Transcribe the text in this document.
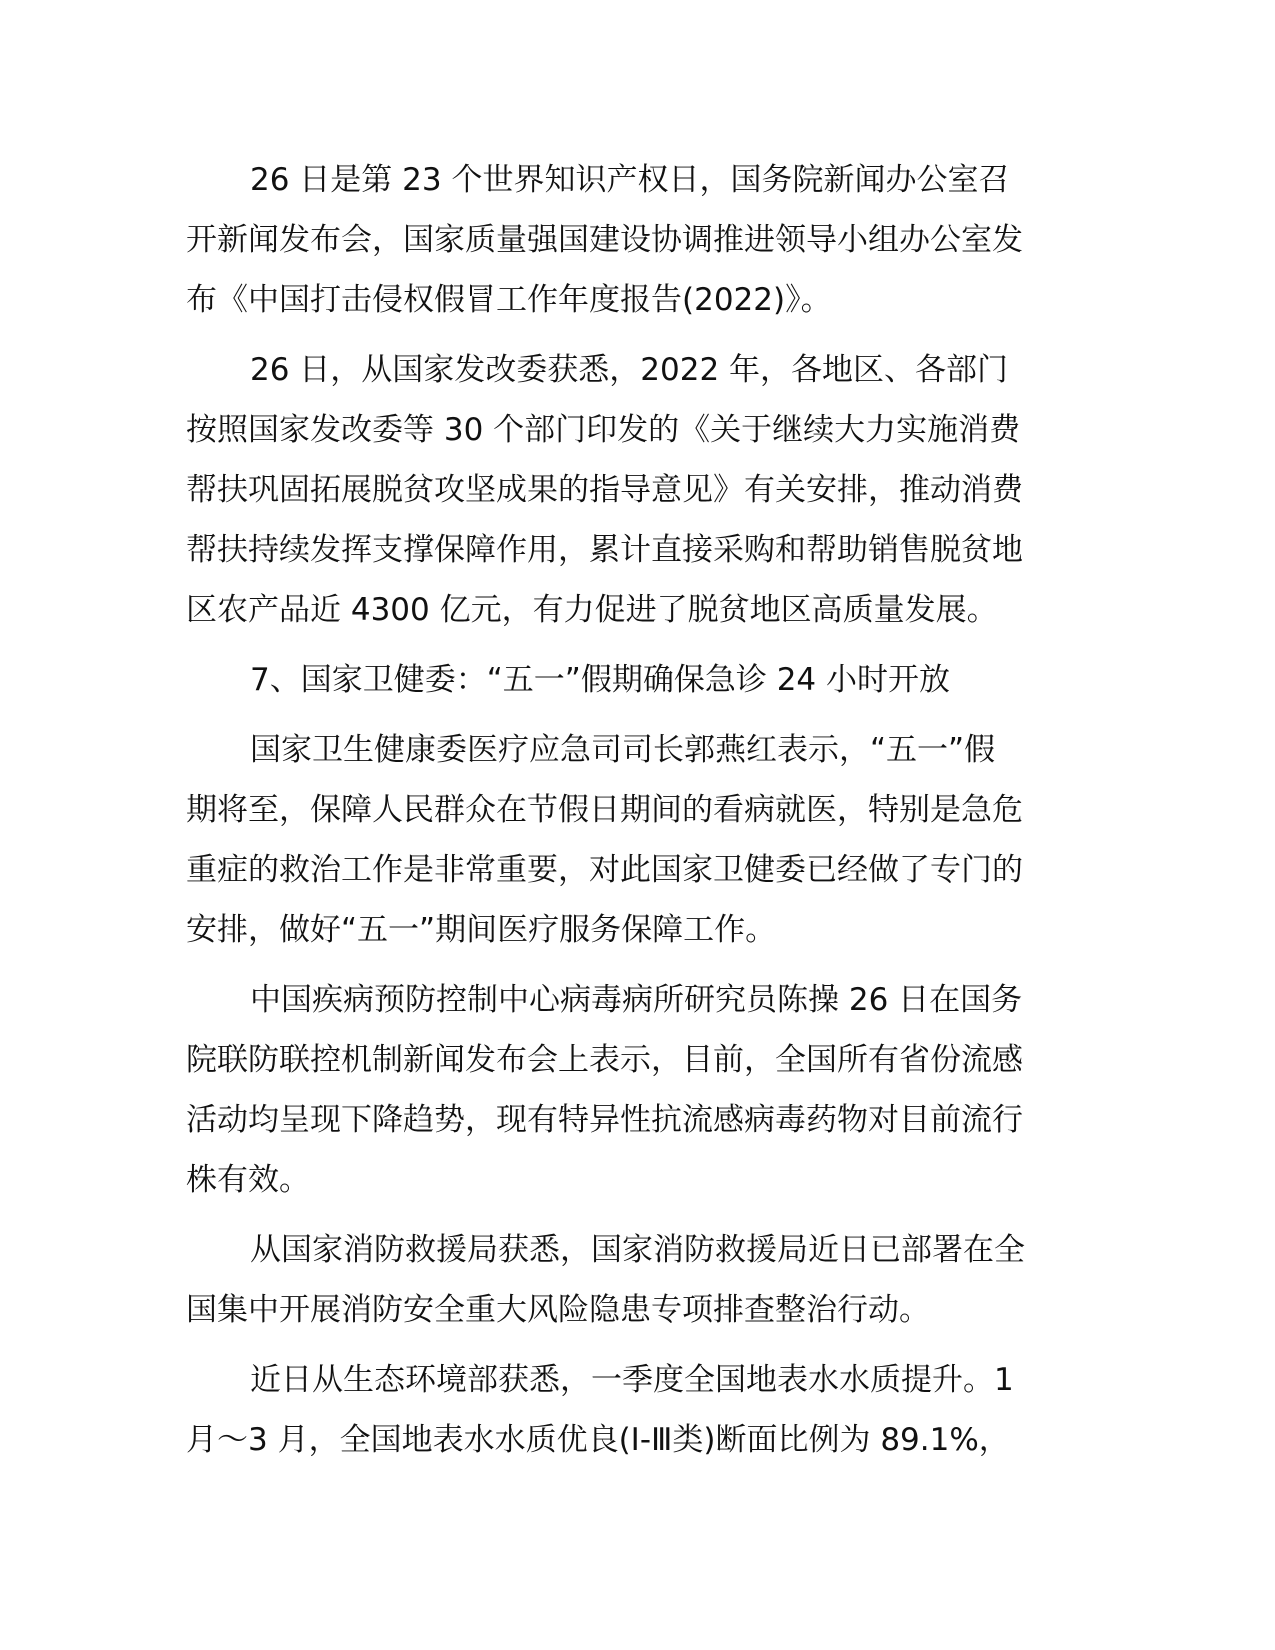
26 日是第 23 个世界知识产权日，国务院新闻办公室召
开新闻发布会，国家质量强国建设协调推进领导小组办公室发
布《中国打击侵权假冒工作年度报告(2022)》。

26 日，从国家发改委获悉，2022 年，各地区、各部门
按照国家发改委等 30 个部门印发的《关于继续大力实施消费
帮扶巩固拓展脱贫攻坚成果的指导意见》有关安排，推动消费
帮扶持续发挥支撑保障作用，累计直接采购和帮助销售脱贫地
区农产品近 4300 亿元，有力促进了脱贫地区高质量发展。

7、国家卫健委：“五一”假期确保急诊 24 小时开放

国家卫生健康委医疗应急司司长郭燕红表示，“五一”假
期将至，保障人民群众在节假日期间的看病就医，特别是急危
重症的救治工作是非常重要，对此国家卫健委已经做了专门的
安排，做好“五一”期间医疗服务保障工作。

中国疾病预防控制中心病毒病所研究员陈操 26 日在国务
院联防联控机制新闻发布会上表示，目前，全国所有省份流感
活动均呈现下降趋势，现有特异性抗流感病毒药物对目前流行
株有效。

从国家消防救援局获悉，国家消防救援局近日已部署在全
国集中开展消防安全重大风险隐患专项排查整治行动。

近日从生态环境部获悉，一季度全国地表水水质提升。1
月～3 月，全国地表水水质优良(I-Ⅲ类)断面比例为 89.1%，
